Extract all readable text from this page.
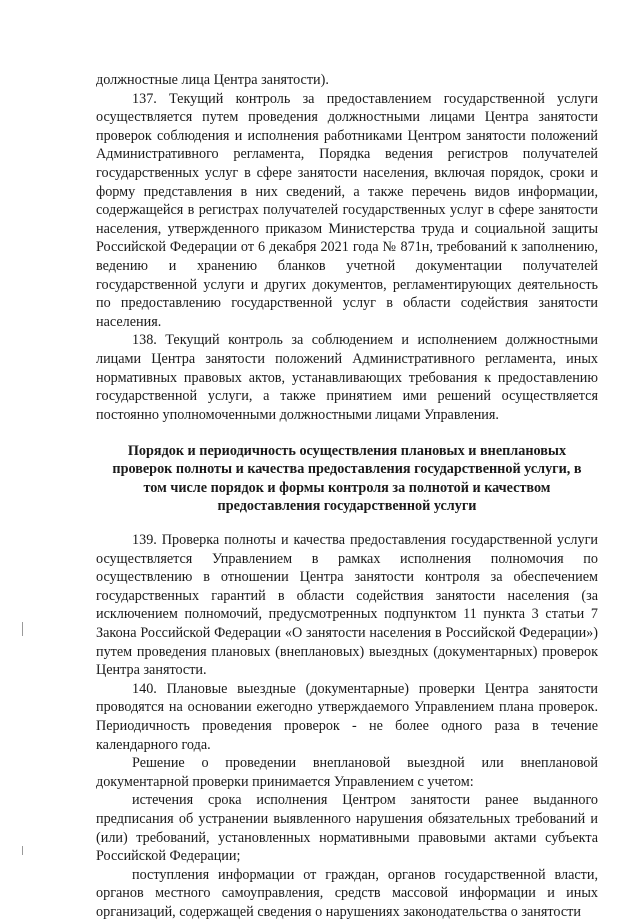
должностные лица Центра занятости).

137. Текущий контроль за предоставлением государственной услуги осуществляется путем проведения должностными лицами Центра занятости проверок соблюдения и исполнения работниками Центром занятости положений Административного регламента, Порядка ведения регистров получателей государственных услуг в сфере занятости населения, включая порядок, сроки и форму представления в них сведений, а также перечень видов информации, содержащейся в регистрах получателей государственных услуг в сфере занятости населения, утвержденного приказом Министерства труда и социальной защиты Российской Федерации от 6 декабря 2021 года № 871н, требований к заполнению, ведению и хранению бланков учетной документации получателей государственной услуги и других документов, регламентирующих деятельность по предоставлению государственной услуг в области содействия занятости населения.

138. Текущий контроль за соблюдением и исполнением должностными лицами Центра занятости положений Административного регламента, иных нормативных правовых актов, устанавливающих требования к предоставлению государственной услуги, а также принятием ими решений осуществляется постоянно уполномоченными должностными лицами Управления.

Порядок и периодичность осуществления плановых и внеплановых
проверок полноты и качества предоставления государственной услуги, в
том числе порядок и формы контроля за полнотой и качеством
предоставления государственной услуги

139. Проверка полноты и качества предоставления государственной услуги осуществляется Управлением в рамках исполнения полномочия по осуществлению в отношении Центра занятости контроля за обеспечением государственных гарантий в области содействия занятости населения (за исключением полномочий, предусмотренных подпунктом 11 пункта 3 статьи 7 Закона Российской Федерации «О занятости населения в Российской Федерации») путем проведения плановых (внеплановых) выездных (документарных) проверок Центра занятости.

140. Плановые выездные (документарные) проверки Центра занятости проводятся на основании ежегодно утверждаемого Управлением плана проверок. Периодичность проведения проверок - не более одного раза в течение календарного года.

Решение о проведении внеплановой выездной или внеплановой документарной проверки принимается Управлением с учетом:

истечения срока исполнения Центром занятости ранее выданного предписания об устранении выявленного нарушения обязательных требований и (или) требований, установленных нормативными правовыми актами субъекта Российской Федерации;

поступления информации от граждан, органов государственной власти, органов местного самоуправления, средств массовой информации и иных организаций, содержащей сведения о нарушениях законодательства о занятости
